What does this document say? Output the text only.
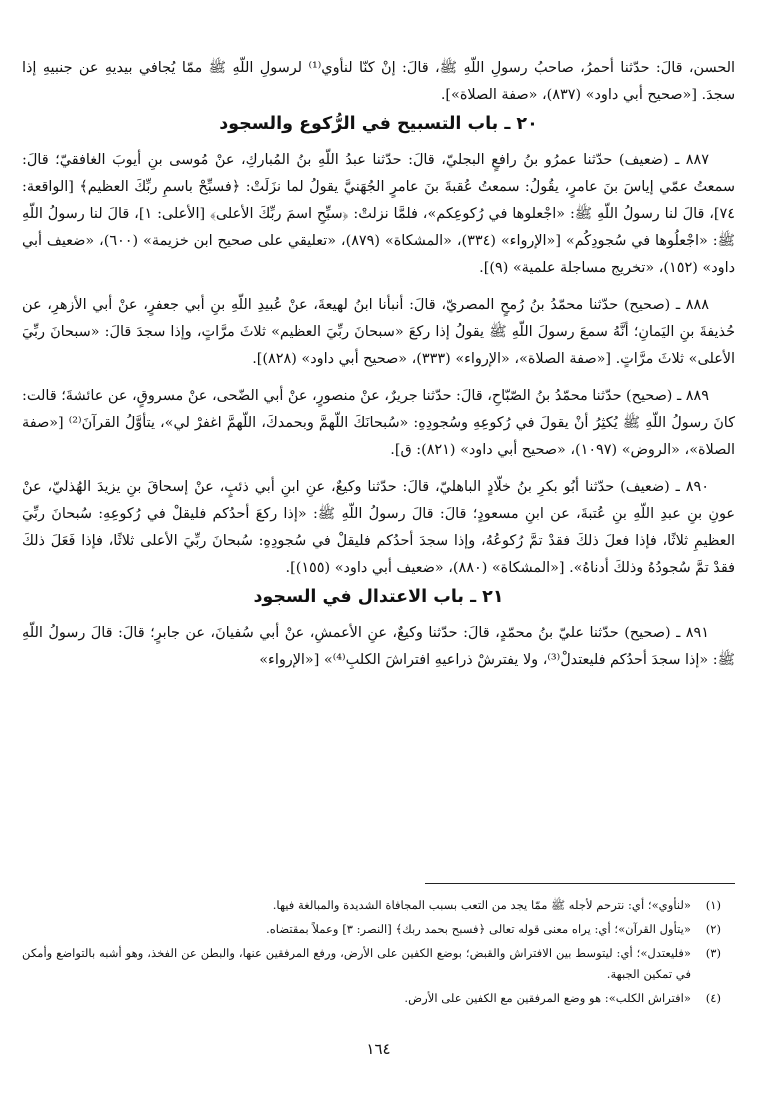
الحسن، قالَ: حدّثنا أحمرُ، صاحبُ رسولِ اللّهِ ﷺ، قالَ: إنْ كنّا لنأوي⁽¹⁾ لرسولِ اللّهِ ﷺ ممّا يُجافي بيديهِ عن جنبيهِ إذا سجدَ. [«صحيح أبي داود» (٨٣٧)، «صفة الصلاة»].

٢٠ ـ باب التسبيح في الرُّكوع والسجود

٨٨٧ ـ (ضعيف) حدّثنا عمرُو بنُ رافعٍ البجليّ، قالَ: حدّثنا عبدُ اللّهِ بنُ المُباركِ، عنْ مُوسى بنِ أيوبَ الغافقيّ؛ قالَ: سمعتُ عمّي إياسَ بنَ عامرٍ، يقُولُ: سمعتُ عُقبةَ بنَ عامرٍ الجُهَنيَّ يقولُ لما نزَلَتْ: ﴿فسبِّحْ باسمِ ربِّكَ العظيم﴾ [الواقعة: ٧٤]، قالَ لنا رسولُ اللّهِ ﷺ: «اجْعلوها في رُكوعِكم»، فلمَّا نزلتْ: ﴿سبِّحِ اسمَ ربِّكَ الأعلى﴾ [الأعلى: ١]، قالَ لنا رسولُ اللّهِ ﷺ: «اجْعلُوها في سُجودِكُم» [«الإرواء» (٣٣٤)، «المشكاة» (٨٧٩)، «تعليقي على صحيح ابن خزيمة» (٦٠٠)، «ضعيف أبي داود» (١٥٢)، «تخريج مساجلة علمية» (٩)].

٨٨٨ ـ (صحيح) حدّثنا محمّدُ بنُ رُمحٍ المصريّ، قالَ: أنبأنا ابنُ لهيعةَ، عنْ عُبيدِ اللّهِ بنِ أبي جعفرٍ، عنْ أبي الأزهرِ، عن حُذيفةَ بنِ اليَمانِ؛ أنَّهُ سمعَ رسولَ اللّهِ ﷺ يقولُ إذا ركعَ «سبحانَ ربِّيَ العظيم» ثلاثَ مرَّاتٍ، وإذا سجدَ قالَ: «سبحانَ ربِّيَ الأعلى» ثلاثَ مرَّاتٍ. [«صفة الصلاة»، «الإرواء» (٣٣٣)، «صحيح أبي داود» (٨٢٨)].

٨٨٩ ـ (صحيح) حدّثنا محمّدُ بنُ الصّبّاحِ، قالَ: حدّثنا جريرٌ، عنْ منصورٍ، عنْ أبي الضّحى، عنْ مسروقٍ، عن عائشةَ؛ قالت: كانَ رسولُ اللّهِ ﷺ يُكثِرُ أنْ يقولَ في رُكوعِهِ وسُجودِهِ: «سُبحانَكَ اللّهمَّ وبحمدكَ، اللّهمَّ اغفرْ لي»، يتأوَّلُ القرآنَ⁽²⁾ [«صفة الصلاة»، «الروض» (١٠٩٧)، «صحيح أبي داود» (٨٢١): ق].

٨٩٠ ـ (ضعيف) حدّثنا أبُو بكرِ بنُ خلّادٍ الباهليّ، قالَ: حدّثنا وكيعٌ، عنِ ابنِ أبي ذئبٍ، عنْ إسحاقَ بنِ يزيدَ الهُذليّ، عنْ عونِ بنِ عبدِ اللّهِ بنِ عُتبةَ، عن ابنِ مسعودٍ؛ قالَ: قالَ رسولُ اللّهِ ﷺ: «إذا ركعَ أحدُكم فليقلْ في رُكوعِهِ: سُبحانَ ربِّيَ العظيمِ ثلاثًا، فإذا فعلَ ذلكَ فقدْ تمَّ رُكوعُهُ، وإذا سجدَ أحدُكم فليقلْ في سُجودِهِ: سُبحانَ ربِّيَ الأعلى ثلاثًا، فإذا فَعَلَ ذلكَ فقدْ تمَّ سُجودُهُ وذلكَ أدناهُ». [«المشكاة» (٨٨٠)، «ضعيف أبي داود» (١٥٥)].

٢١ ـ باب الاعتدال في السجود

٨٩١ ـ (صحيح) حدّثنا عليّ بنُ محمّدٍ، قالَ: حدّثنا وكيعٌ، عنِ الأعمشِ، عنْ أبي سُفيانَ، عن جابرٍ؛ قالَ: قالَ رسولُ اللّهِ ﷺ: «إذا سجدَ أحدُكم فليعتدلْ⁽³⁾، ولا يفترشْ ذراعيهِ افتراشَ الكلبِ⁽⁴⁾» [«الإرواء»

(١)
«لنأوي»؛ أي: نترحم لأجله ﷺ ممّا يجد من التعب بسبب المجافاة الشديدة والمبالغة فيها.
(٢)
«يتأول القرآن»؛ أي: يراه معنى قوله تعالى ﴿فسبح بحمد ربك﴾ [النصر: ٣] وعملاً بمقتضاه.
(٣)
«فليعتدل»؛ أي: ليتوسط بين الافتراش والقبض؛ بوضع الكفين على الأرض، ورفع المرفقين عنها، والبطن عن الفخذ، وهو أشبه بالتواضع وأمكن في تمكين الجبهة.
(٤)
«افتراش الكلب»: هو وضع المرفقين مع الكفين على الأرض.
١٦٤
